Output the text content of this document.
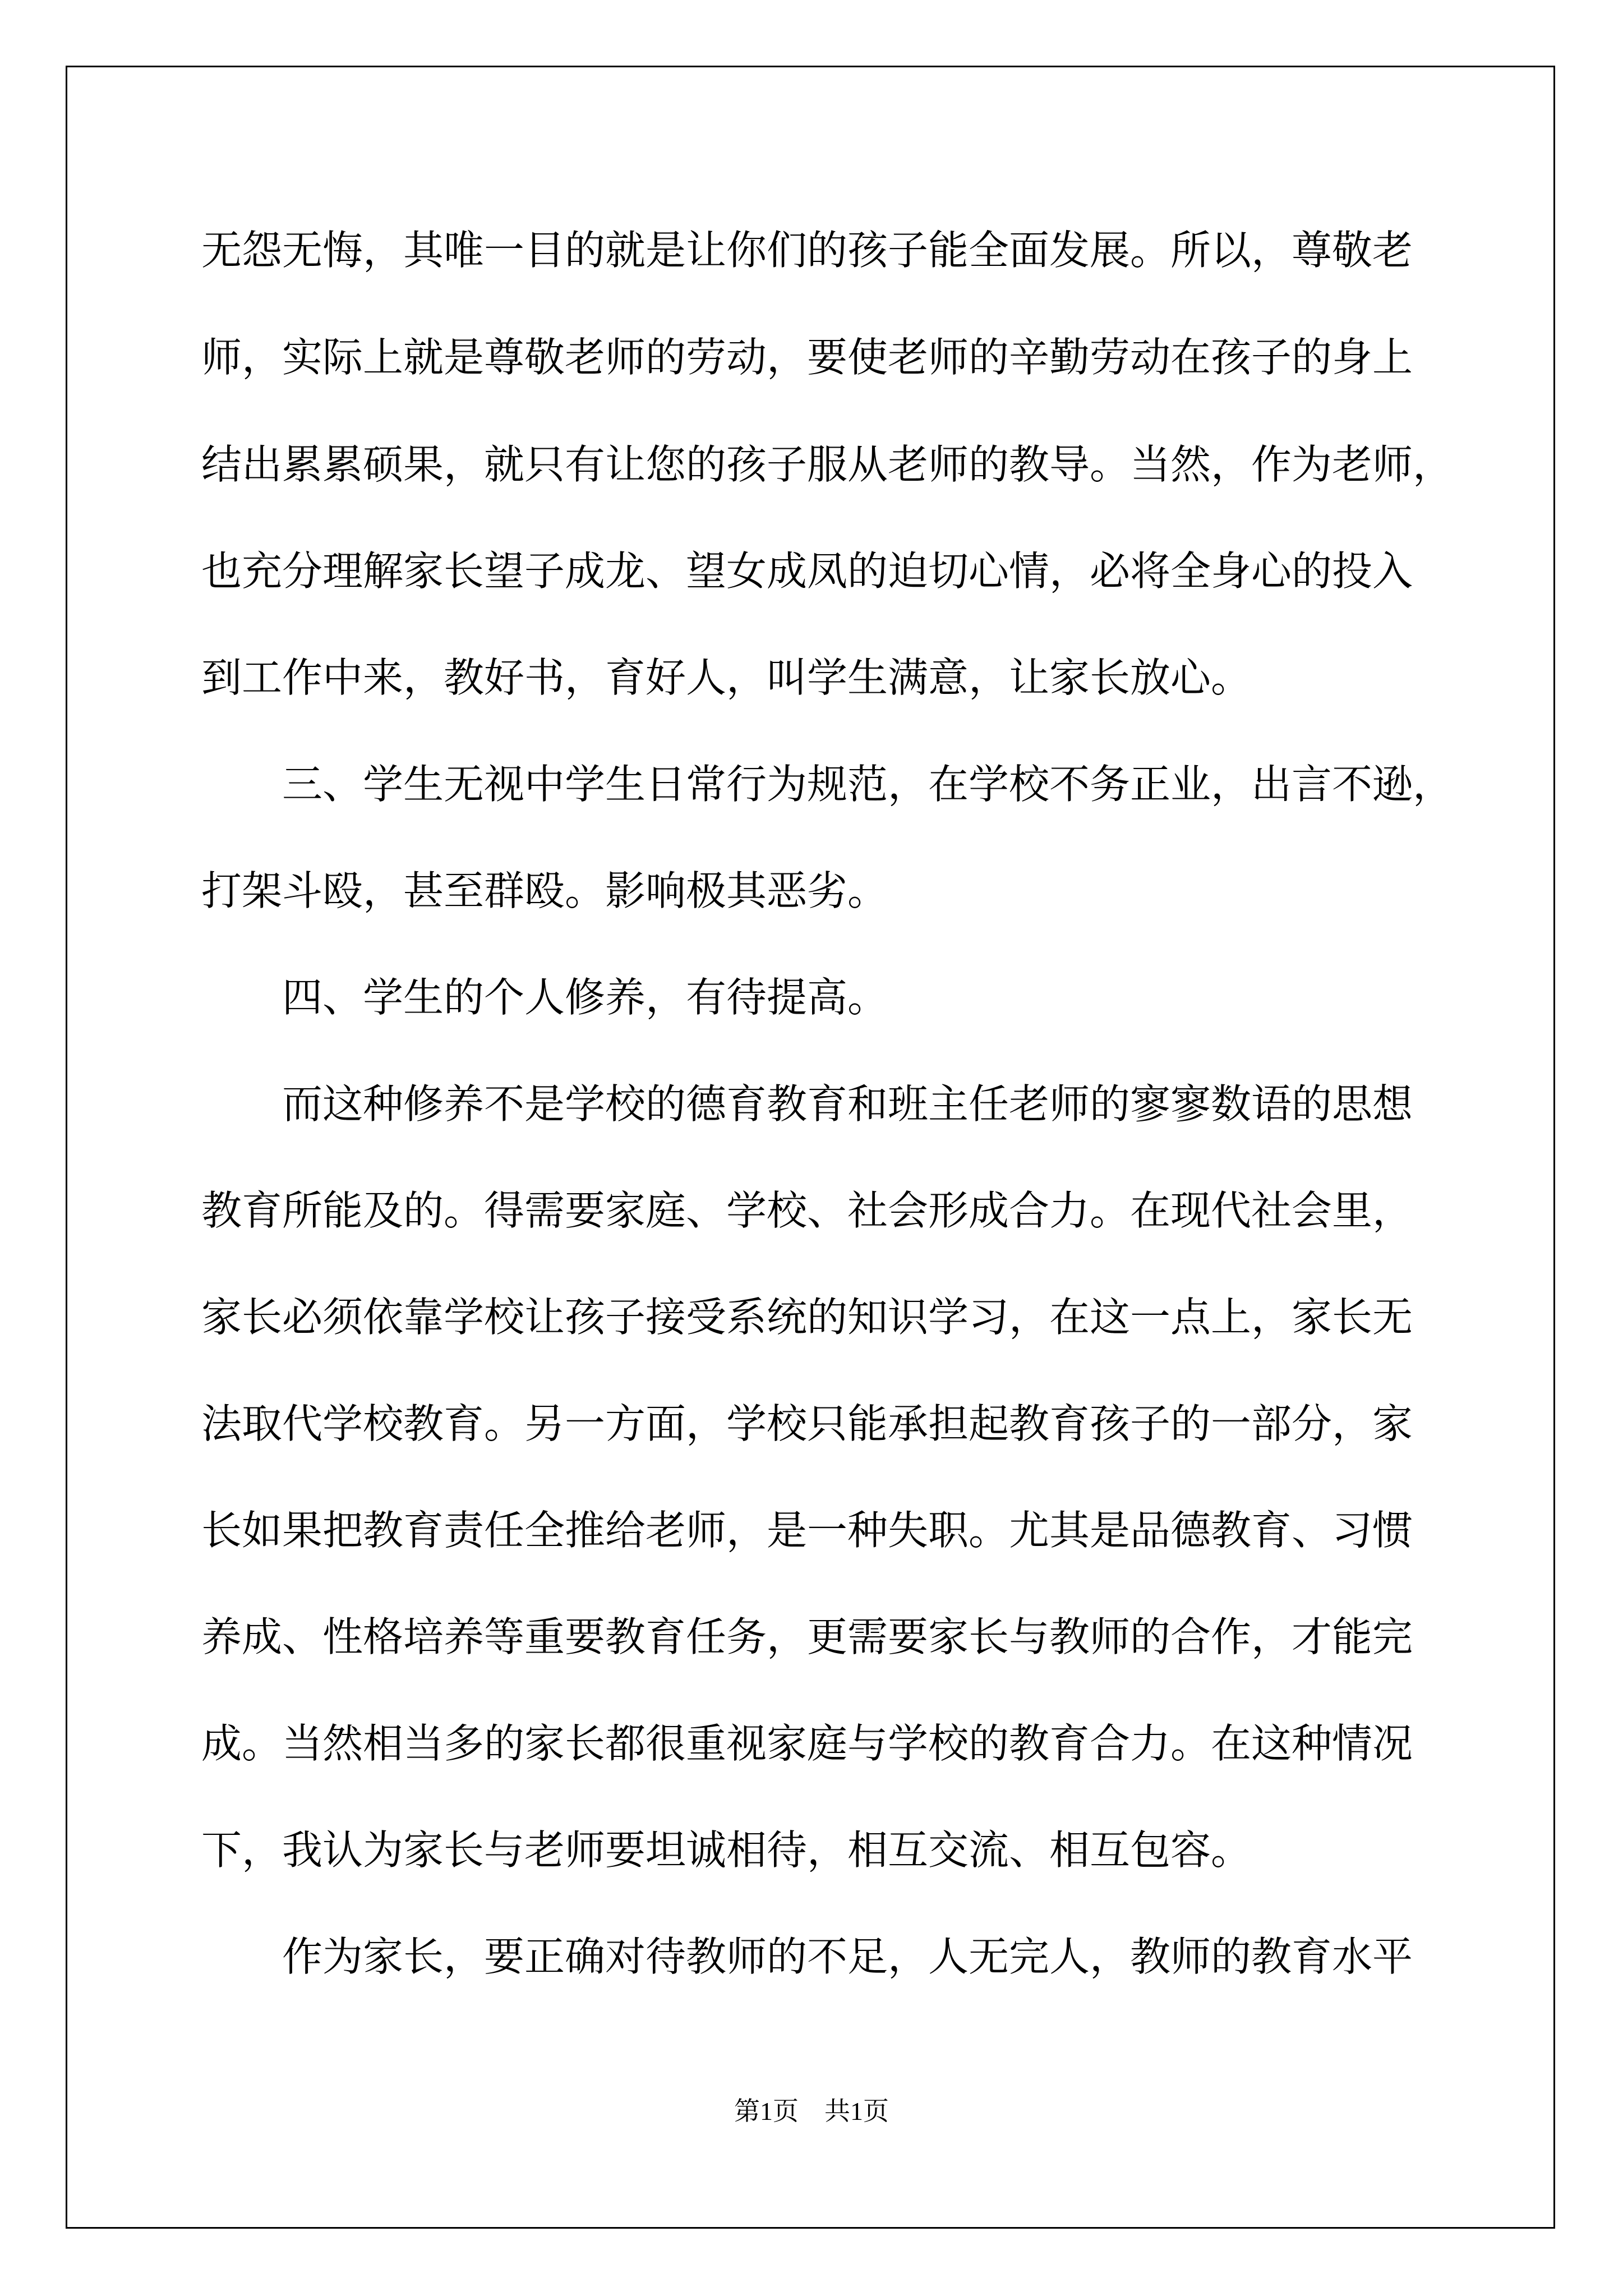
无怨无悔，其唯一目的就是让你们的孩子能全面发展。所以，尊敬老
师，实际上就是尊敬老师的劳动，要使老师的辛勤劳动在孩子的身上
结出累累硕果，就只有让您的孩子服从老师的教导。当然，作为老师，
也充分理解家长望子成龙、望女成凤的迫切心情，必将全身心的投入
到工作中来，教好书，育好人，叫学生满意，让家长放心。
　　三、学生无视中学生日常行为规范，在学校不务正业，出言不逊，
打架斗殴，甚至群殴。影响极其恶劣。
　　四、学生的个人修养，有待提高。
　　而这种修养不是学校的德育教育和班主任老师的寥寥数语的思想
教育所能及的。得需要家庭、学校、社会形成合力。在现代社会里，
家长必须依靠学校让孩子接受系统的知识学习，在这一点上，家长无
法取代学校教育。另一方面，学校只能承担起教育孩子的一部分，家
长如果把教育责任全推给老师，是一种失职。尤其是品德教育、习惯
养成、性格培养等重要教育任务，更需要家长与教师的合作，才能完
成。当然相当多的家长都很重视家庭与学校的教育合力。在这种情况
下，我认为家长与老师要坦诚相待，相互交流、相互包容。
　　作为家长，要正确对待教师的不足，人无完人，教师的教育水平
第1页　共1页
